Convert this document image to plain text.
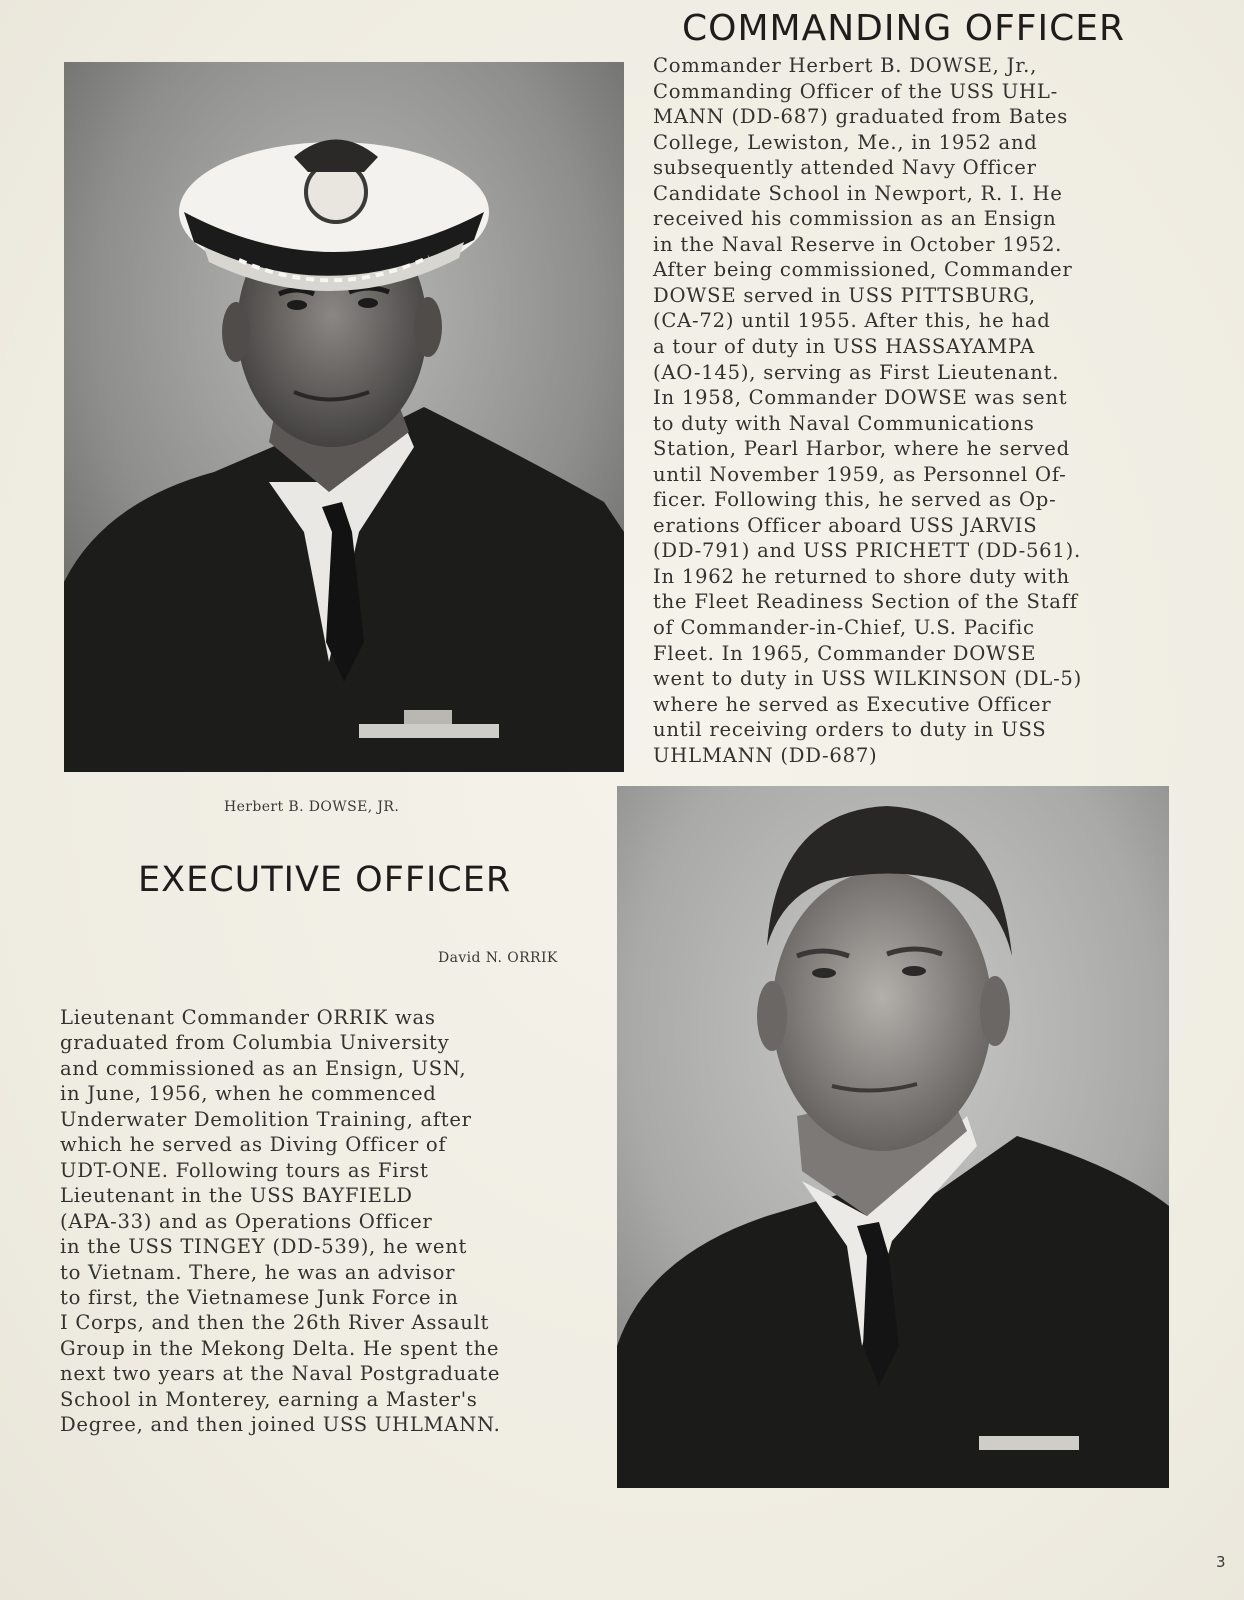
COMMANDING OFFICER

Commander Herbert B. DOWSE, Jr.,
Commanding Officer of the USS UHL-
MANN (DD-687) graduated from Bates
College, Lewiston, Me., in 1952 and
subsequently attended Navy Officer
Candidate School in Newport, R. I. He
received his commission as an Ensign
in the Naval Reserve in October 1952.
After being commissioned, Commander
DOWSE served in USS PITTSBURG,
(CA-72) until 1955. After this, he had
a tour of duty in USS HASSAYAMPA
(AO-145), serving as First Lieutenant.
In 1958, Commander DOWSE was sent
to duty with Naval Communications
Station, Pearl Harbor, where he served
until November 1959, as Personnel Of-
ficer. Following this, he served as Op-
erations Officer aboard USS JARVIS
(DD-791) and USS PRICHETT (DD-561).
In 1962 he returned to shore duty with
the Fleet Readiness Section of the Staff
of Commander-in-Chief, U.S. Pacific
Fleet. In 1965, Commander DOWSE
went to duty in USS WILKINSON (DL-5)
where he served as Executive Officer
until receiving orders to duty in USS
UHLMANN (DD-687)

Herbert B. DOWSE, JR.

EXECUTIVE OFFICER

David N. ORRIK

Lieutenant Commander ORRIK was
graduated from Columbia University
and commissioned as an Ensign, USN,
in June, 1956, when he commenced
Underwater Demolition Training, after
which he served as Diving Officer of
UDT-ONE. Following tours as First
Lieutenant in the USS BAYFIELD
(APA-33) and as Operations Officer
in the USS TINGEY (DD-539), he went
to Vietnam. There, he was an advisor
to first, the Vietnamese Junk Force in
I Corps, and then the 26th River Assault
Group in the Mekong Delta. He spent the
next two years at the Naval Postgraduate
School in Monterey, earning a Master's
Degree, and then joined USS UHLMANN.

3
